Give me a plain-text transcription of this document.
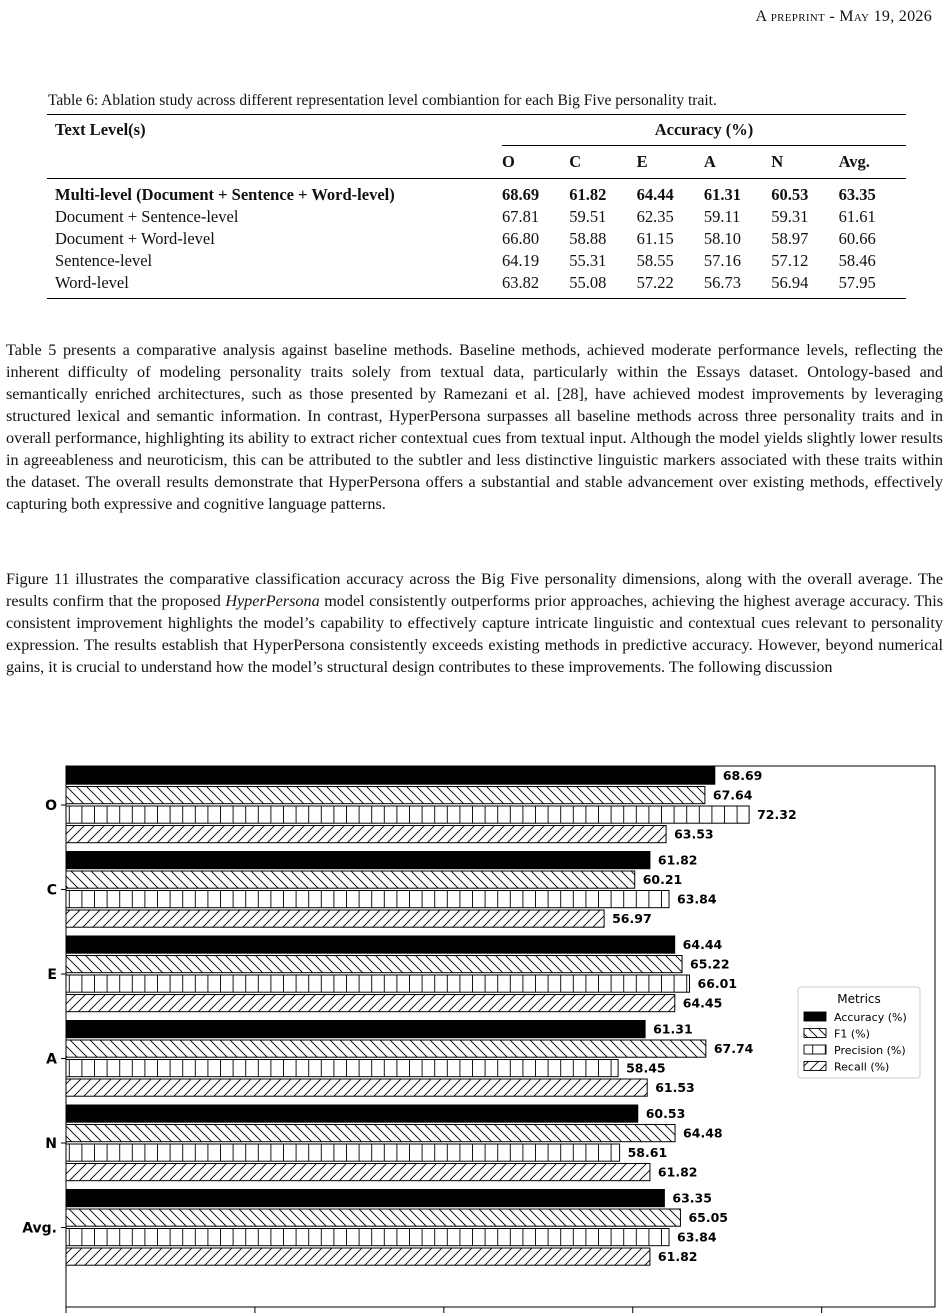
A preprint - May 19, 2026
Table 6: Ablation study across different representation level combiantion for each Big Five personality trait.
Text Level(s)	Accuracy (%)					
	O	C	E	A	N	Avg.
Multi-level (Document + Sentence + Word-level)	68.69	61.82	64.44	61.31	60.53	63.35
Document + Sentence-level	67.81	59.51	62.35	59.11	59.31	61.61
Document + Word-level	66.80	58.88	61.15	58.10	58.97	60.66
Sentence-level	64.19	55.31	58.55	57.16	57.12	58.46
Word-level	63.82	55.08	57.22	56.73	56.94	57.95

Table 5 presents a comparative analysis against baseline methods. Baseline methods, achieved moderate performance levels, reflecting the inherent difficulty of modeling personality traits solely from textual data, particularly within the Essays dataset. Ontology-based and semantically enriched architectures, such as those presented by Ramezani et al. [28], have achieved modest improvements by leveraging structured lexical and semantic information. In contrast, HyperPersona surpasses all baseline methods across three personality traits and in overall performance, highlighting its ability to extract richer contextual cues from textual input. Although the model yields slightly lower results in agreeableness and neuroticism, this can be attributed to the subtler and less distinctive linguistic markers associated with these traits within the dataset. The overall results demonstrate that HyperPersona offers a substantial and stable advancement over existing methods, effectively capturing both expressive and cognitive language patterns.

Figure 11 illustrates the comparative classification accuracy across the Big Five personality dimensions, along with the overall average. The results confirm that the proposed HyperPersona model consistently outperforms prior approaches, achieving the highest average accuracy. This consistent improvement highlights the model’s capability to effectively capture intricate linguistic and contextual cues relevant to personality expression. The results establish that HyperPersona consistently exceeds existing methods in predictive accuracy. However, beyond numerical gains, it is crucial to understand how the model’s structural design contributes to these improvements. The following discussion

68.69
67.64
72.32
63.53
61.82
60.21
63.84
56.97
64.44
65.22
66.01
64.45
61.31
67.74
58.45
61.53
60.53
64.48
58.61
61.82
63.35
65.05
63.84
61.82
O
C
E
A
N
Avg.
Metrics
Accuracy (%)
F1 (%)
Precision (%)
Recall (%)
